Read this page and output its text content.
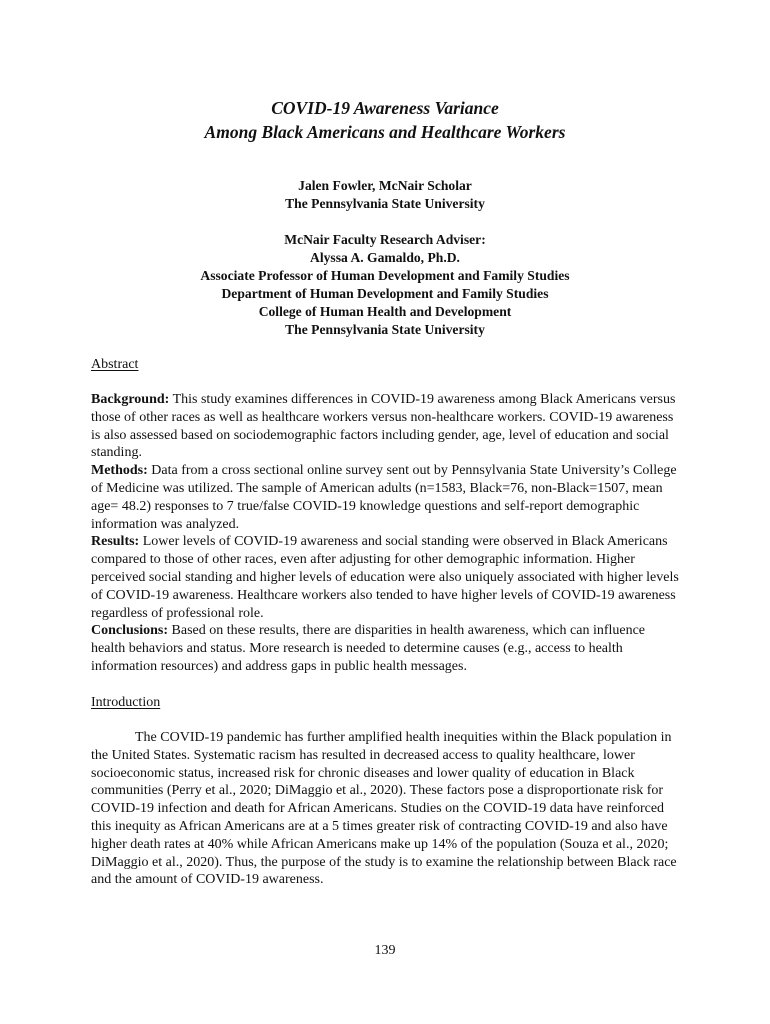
COVID-19 Awareness Variance
Among Black Americans and Healthcare Workers
Jalen Fowler, McNair Scholar
The Pennsylvania State University
McNair Faculty Research Adviser:
Alyssa A. Gamaldo, Ph.D.
Associate Professor of Human Development and Family Studies
Department of Human Development and Family Studies
College of Human Health and Development
The Pennsylvania State University
Abstract

Background: This study examines differences in COVID-19 awareness among Black Americans versus those of other races as well as healthcare workers versus non-healthcare workers. COVID-19 awareness is also assessed based on sociodemographic factors including gender, age, level of education and social standing.

Methods: Data from a cross sectional online survey sent out by Pennsylvania State University’s College of Medicine was utilized. The sample of American adults (n=1583, Black=76, non-Black=1507, mean age= 48.2) responses to 7 true/false COVID-19 knowledge questions and self-report demographic information was analyzed.

Results: Lower levels of COVID-19 awareness and social standing were observed in Black Americans compared to those of other races, even after adjusting for other demographic information. Higher perceived social standing and higher levels of education were also uniquely associated with higher levels of COVID-19 awareness. Healthcare workers also tended to have higher levels of COVID-19 awareness regardless of professional role.

Conclusions: Based on these results, there are disparities in health awareness, which can influence health behaviors and status. More research is needed to determine causes (e.g., access to health information resources) and address gaps in public health messages.

Introduction

The COVID-19 pandemic has further amplified health inequities within the Black population in the United States. Systematic racism has resulted in decreased access to quality healthcare, lower socioeconomic status, increased risk for chronic diseases and lower quality of education in Black communities (Perry et al., 2020; DiMaggio et al., 2020). These factors pose a disproportionate risk for COVID-19 infection and death for African Americans. Studies on the COVID-19 data have reinforced this inequity as African Americans are at a 5 times greater risk of contracting COVID-19 and also have higher death rates at 40% while African Americans make up 14% of the population (Souza et al., 2020; DiMaggio et al., 2020). Thus, the purpose of the study is to examine the relationship between Black race and the amount of COVID-19 awareness.

139
